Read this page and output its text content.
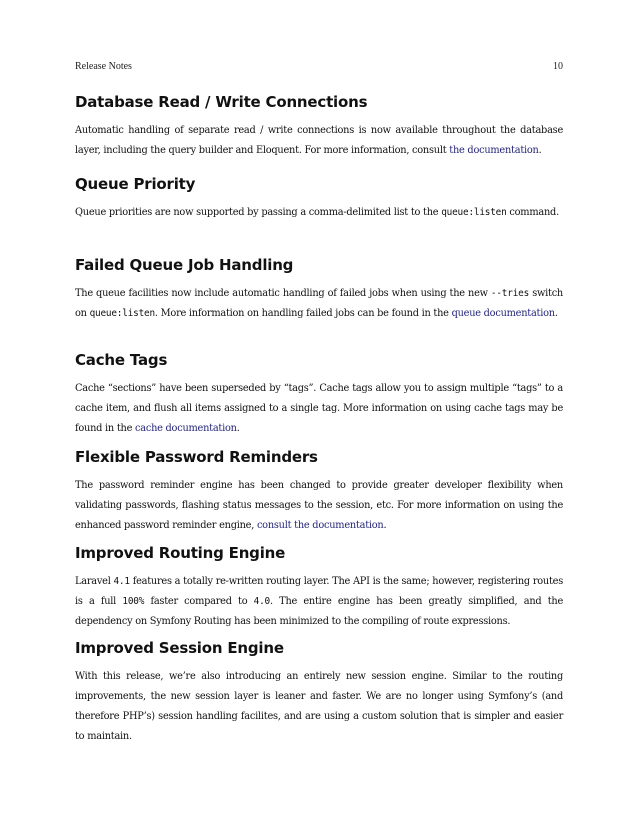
Release Notes	10
Database Read / Write Connections

Automatic handling of separate read / write connections is now available throughout the database layer, including the query builder and Eloquent. For more information, consult the documentation.

Queue Priority

Queue priorities are now supported by passing a comma-delimited list to the queue:listen command.

Failed Queue Job Handling

The queue facilities now include automatic handling of failed jobs when using the new --tries switch on queue:listen. More information on handling failed jobs can be found in the queue documentation.

Cache Tags

Cache “sections” have been superseded by “tags”. Cache tags allow you to assign multiple “tags” to a cache item, and flush all items assigned to a single tag. More information on using cache tags may be found in the cache documentation.

Flexible Password Reminders

The password reminder engine has been changed to provide greater developer flexibility when validating passwords, flashing status messages to the session, etc. For more information on using the enhanced password reminder engine, consult the documentation.

Improved Routing Engine

Laravel 4.1 features a totally re-written routing layer. The API is the same; however, registering routes is a full 100% faster compared to 4.0. The entire engine has been greatly simplified, and the dependency on Symfony Routing has been minimized to the compiling of route expressions.

Improved Session Engine

With this release, we’re also introducing an entirely new session engine. Similar to the routing improvements, the new session layer is leaner and faster. We are no longer using Symfony’s (and therefore PHP’s) session handling facilites, and are using a custom solution that is simpler and easier to maintain.
